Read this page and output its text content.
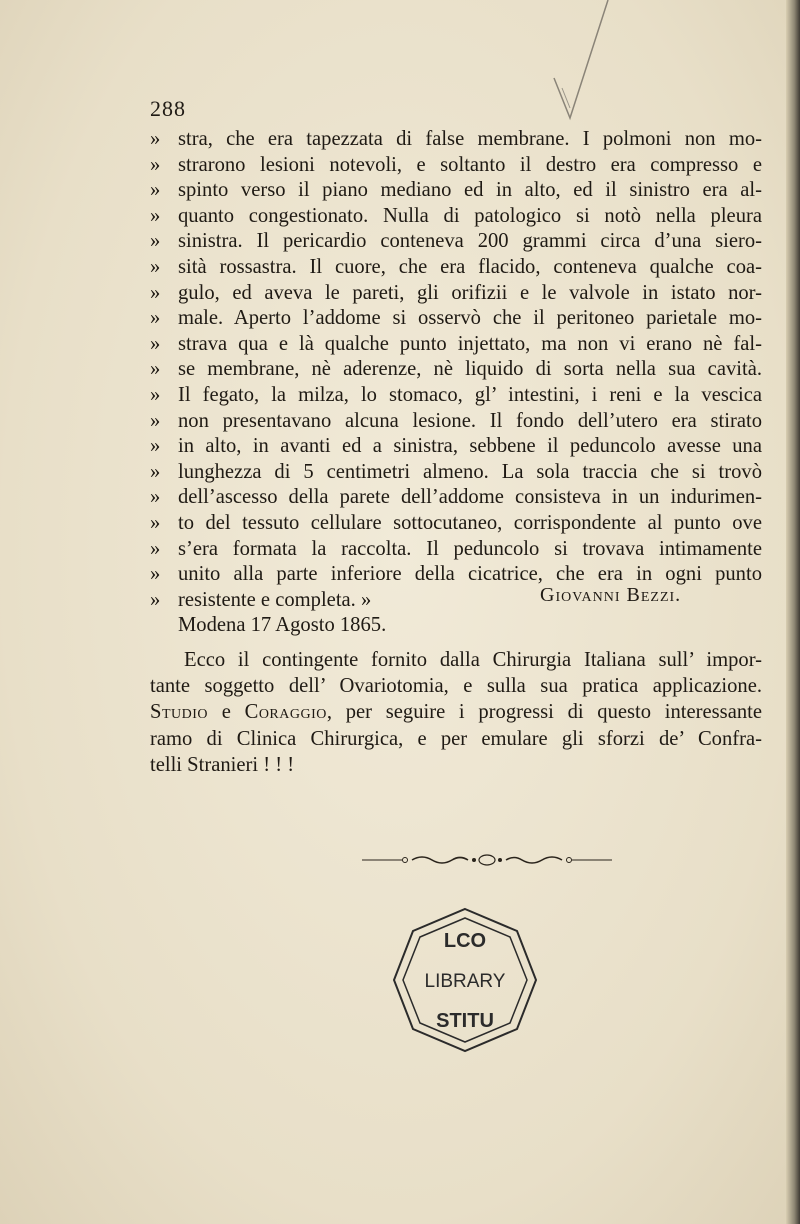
288
» stra, che era tapezzata di false membrane. I polmoni non mo-
» strarono lesioni notevoli, e soltanto il destro era compresso e
» spinto verso il piano mediano ed in alto, ed il sinistro era al-
» quanto congestionato. Nulla di patologico si notò nella pleura
» sinistra. Il pericardio conteneva 200 grammi circa d’una siero-
» sità rossastra. Il cuore, che era flacido, conteneva qualche coa-
» gulo, ed aveva le pareti, gli orifizii e le valvole in istato nor-
» male. Aperto l’addome si osservò che il peritoneo parietale mo-
» strava qua e là qualche punto injettato, ma non vi erano nè fal-
» se membrane, nè aderenze, nè liquido di sorta nella sua cavità.
» Il fegato, la milza, lo stomaco, gl’ intestini, i reni e la vescica
» non presentavano alcuna lesione. Il fondo dell’utero era stirato
» in alto, in avanti ed a sinistra, sebbene il peduncolo avesse una
» lunghezza di 5 centimetri almeno. La sola traccia che si trovò
» dell’ascesso della parete dell’addome consisteva in un indurimen-
» to del tessuto cellulare sottocutaneo, corrispondente al punto ove
» s’era formata la raccolta. Il peduncolo si trovava intimamente
» unito alla parte inferiore della cicatrice, che era in ogni punto
» resistente e completa. »
Modena 17 Agosto 1865.
Giovanni Bezzi.
Ecco il contingente fornito dalla Chirurgia Italiana sull’ impor-
tante soggetto dell’ Ovariotomia, e sulla sua pratica applicazione.
Studio e Coraggio, per seguire i progressi di questo interessante
ramo di Clinica Chirurgica, e per emulare gli sforzi de’ Confra-
telli Stranieri ! ! !
LCO
LIBRARY
STITU
